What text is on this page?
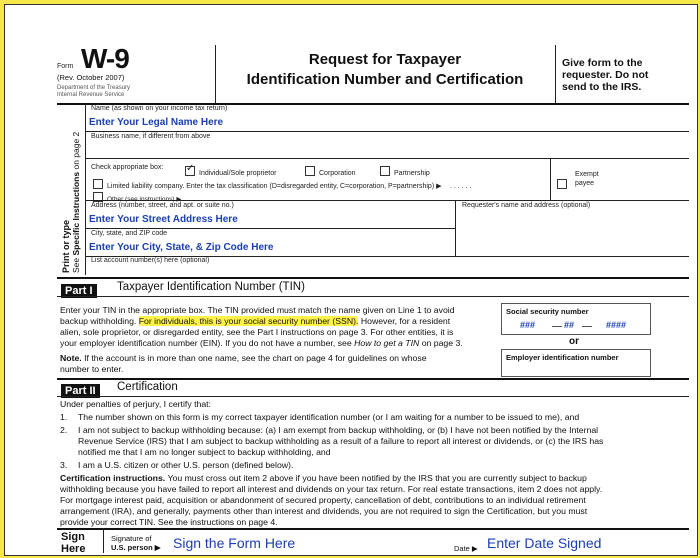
Form W-9
(Rev. October 2007)
Department of the Treasury
Internal Revenue Service
Request for Taxpayer
Identification Number and Certification
Give form to the
requester. Do not
send to the IRS.
Print or type See Specific Instructions on page 2
Name (as shown on your income tax return)
Enter Your Legal Name Here
Business name, if different from above
Check appropriate box: ✓ Individual/Sole proprietor	Corporation	Partnership
Limited liability company. Enter the tax classification (D=disregarded entity, C=corporation, P=partnership) ▶ . . . . . .
Other (see instructions) ▶
Exempt
payee
Address (number, street, and apt. or suite no.)
Enter Your Street Address Here
Requester's name and address (optional)
City, state, and ZIP code
Enter Your City, State, & Zip Code Here
List account number(s) here (optional)
Part I	Taxpayer Identification Number (TIN)
Enter your TIN in the appropriate box. The TIN provided must match the name given on Line 1 to avoid
backup withholding. For individuals, this is your social security number (SSN). However, for a resident
alien, sole proprietor, or disregarded entity, see the Part I instructions on page 3. For other entities, it is
your employer identification number (EIN). If you do not have a number, see How to get a TIN on page 3.
Note. If the account is in more than one name, see the chart on page 4 for guidelines on whose
number to enter.
Social security number
###	##	####
or
Employer identification number
Part II	Certification
Under penalties of perjury, I certify that:
1. The number shown on this form is my correct taxpayer identification number (or I am waiting for a number to be issued to me), and
2. I am not subject to backup withholding because: (a) I am exempt from backup withholding, or (b) I have not been notified by the Internal
Revenue Service (IRS) that I am subject to backup withholding as a result of a failure to report all interest or dividends, or (c) the IRS has
notified me that I am no longer subject to backup withholding, and
3. I am a U.S. citizen or other U.S. person (defined below).
Certification instructions. You must cross out item 2 above if you have been notified by the IRS that you are currently subject to backup
withholding because you have failed to report all interest and dividends on your tax return. For real estate transactions, item 2 does not apply.
For mortgage interest paid, acquisition or abandonment of secured property, cancellation of debt, contributions to an individual retirement
arrangement (IRA), and generally, payments other than interest and dividends, you are not required to sign the Certification, but you must
provide your correct TIN. See the instructions on page 4.
Sign
Here
Signature of
U.S. person ▶ Sign the Form Here	Date ▶ Enter Date Signed
